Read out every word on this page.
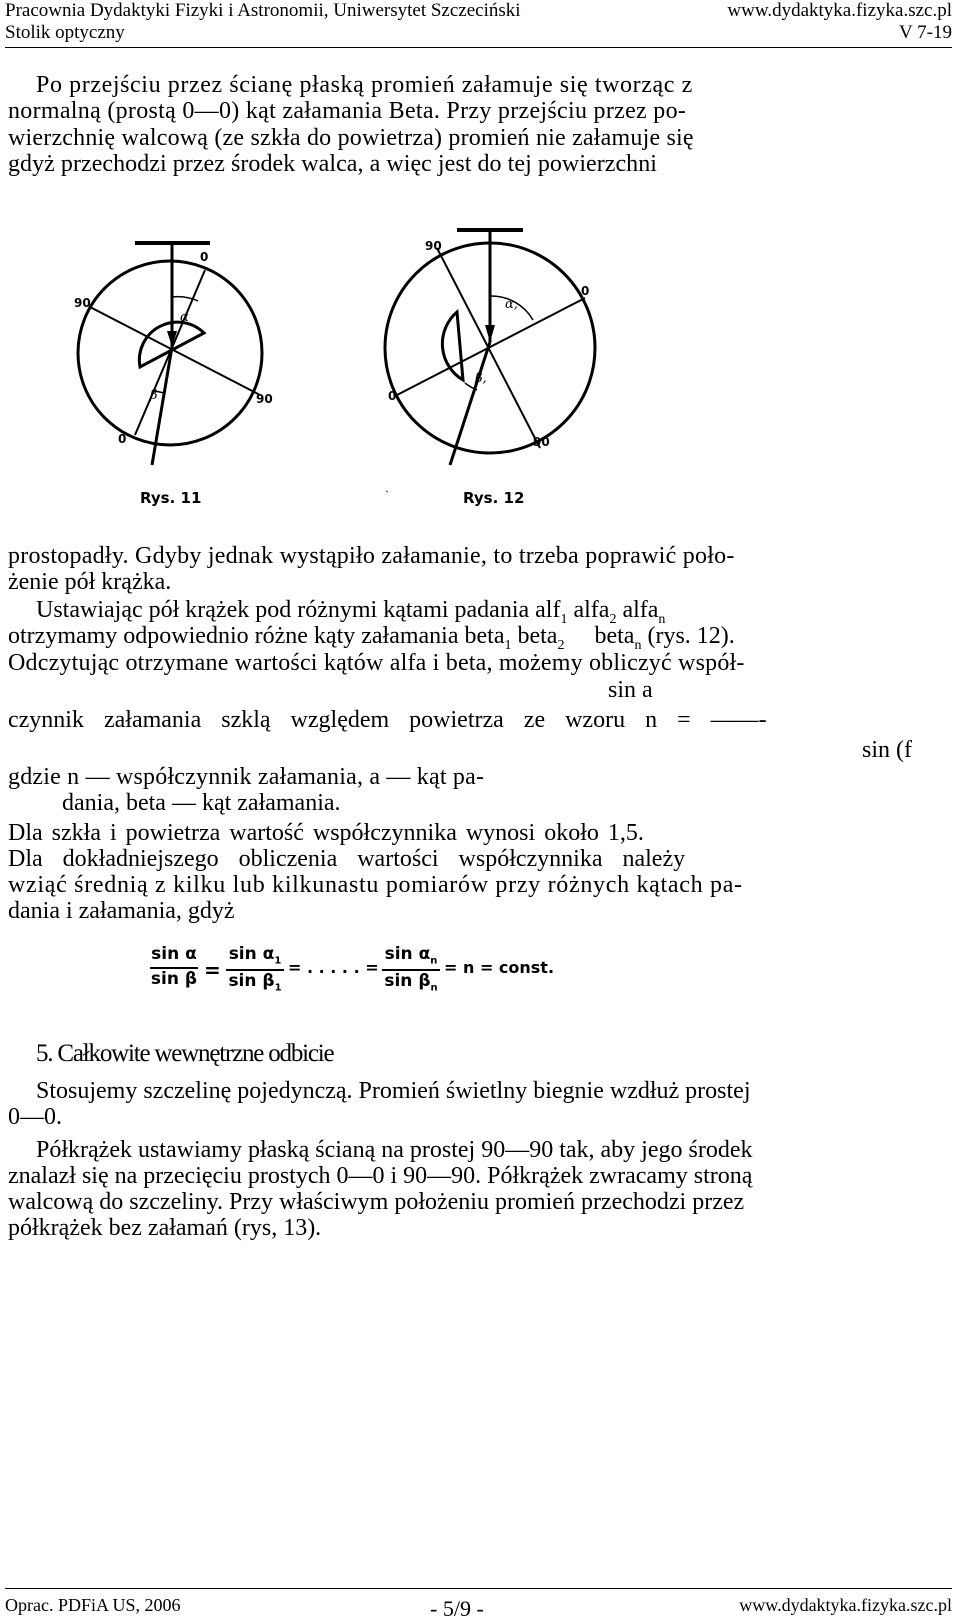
Pracownia Dydaktyki Fizyki i Astronomii, Uniwersytet Szczeciński
Stolik optyczny
www.dydaktyka.fizyka.szc.pl
V 7-19
Po przejściu przez ścianę płaską promień załamuje się tworząc z
normalną (prostą 0—0) kąt załamania Beta. Przy przejściu przez po-
wierzchnię walcową (ze szkła do powietrza) promień nie załamuje się
gdyż przechodzi przez środek walca, a więc jest do tej powierzchni
90
0
90
0
α
β
Rys. 11
90
0
0
90
α,
β,
Rys. 12
`
prostopadły. Gdyby jednak wystąpiło załamanie, to trzeba poprawić poło-
żenie pół krążka.
Ustawiając pół krążek pod różnymi kątami padania alf$_1$ alfa$_2$ alfa$_n$
otrzymamy odpowiednio różne kąty załamania beta$_1$ beta$_2$ beta$_n$ (rys. 12).
Odczytując otrzymane wartości kątów alfa i beta, możemy obliczyć współ-
sin a
czynnik załamania szklą względem powietrza ze wzoru n = ——-
sin (f
gdzie n — współczynnik załamania, a — kąt pa-
dania, beta — kąt załamania.
Dla szkła i powietrza wartość współczynnika wynosi około 1,5.
Dla dokładniejszego obliczenia wartości współczynnika należy
wziąć średnią z kilku lub kilkunastu pomiarów przy różnych kątach pa-
dania i załamania, gdyż
$\frac{\text{sin α}}{\text{sin β}} = \frac{\sin \alpha_1}{\sin \beta_1}$ = . . . . . = $\frac{\sin \alpha_n}{\sin \beta_n} = n$ = const.
5. Całkowite wewnętrzne odbicie
Stosujemy szczelinę pojedynczą. Promień świetlny biegnie wzdłuż prostej
0—0.
Półkrążek ustawiamy płaską ścianą na prostej 90—90 tak, aby jego środek
znalazł się na przecięciu prostych 0—0 i 90—90. Półkrążek zwracamy stroną
walcową do szczeliny. Przy właściwym położeniu promień przechodzi przez
półkrążek bez załamań (rys, 13).
Oprac. PDFiA US, 2006	- 5/9 -	www.dydaktyka.fizyka.szc.pl
